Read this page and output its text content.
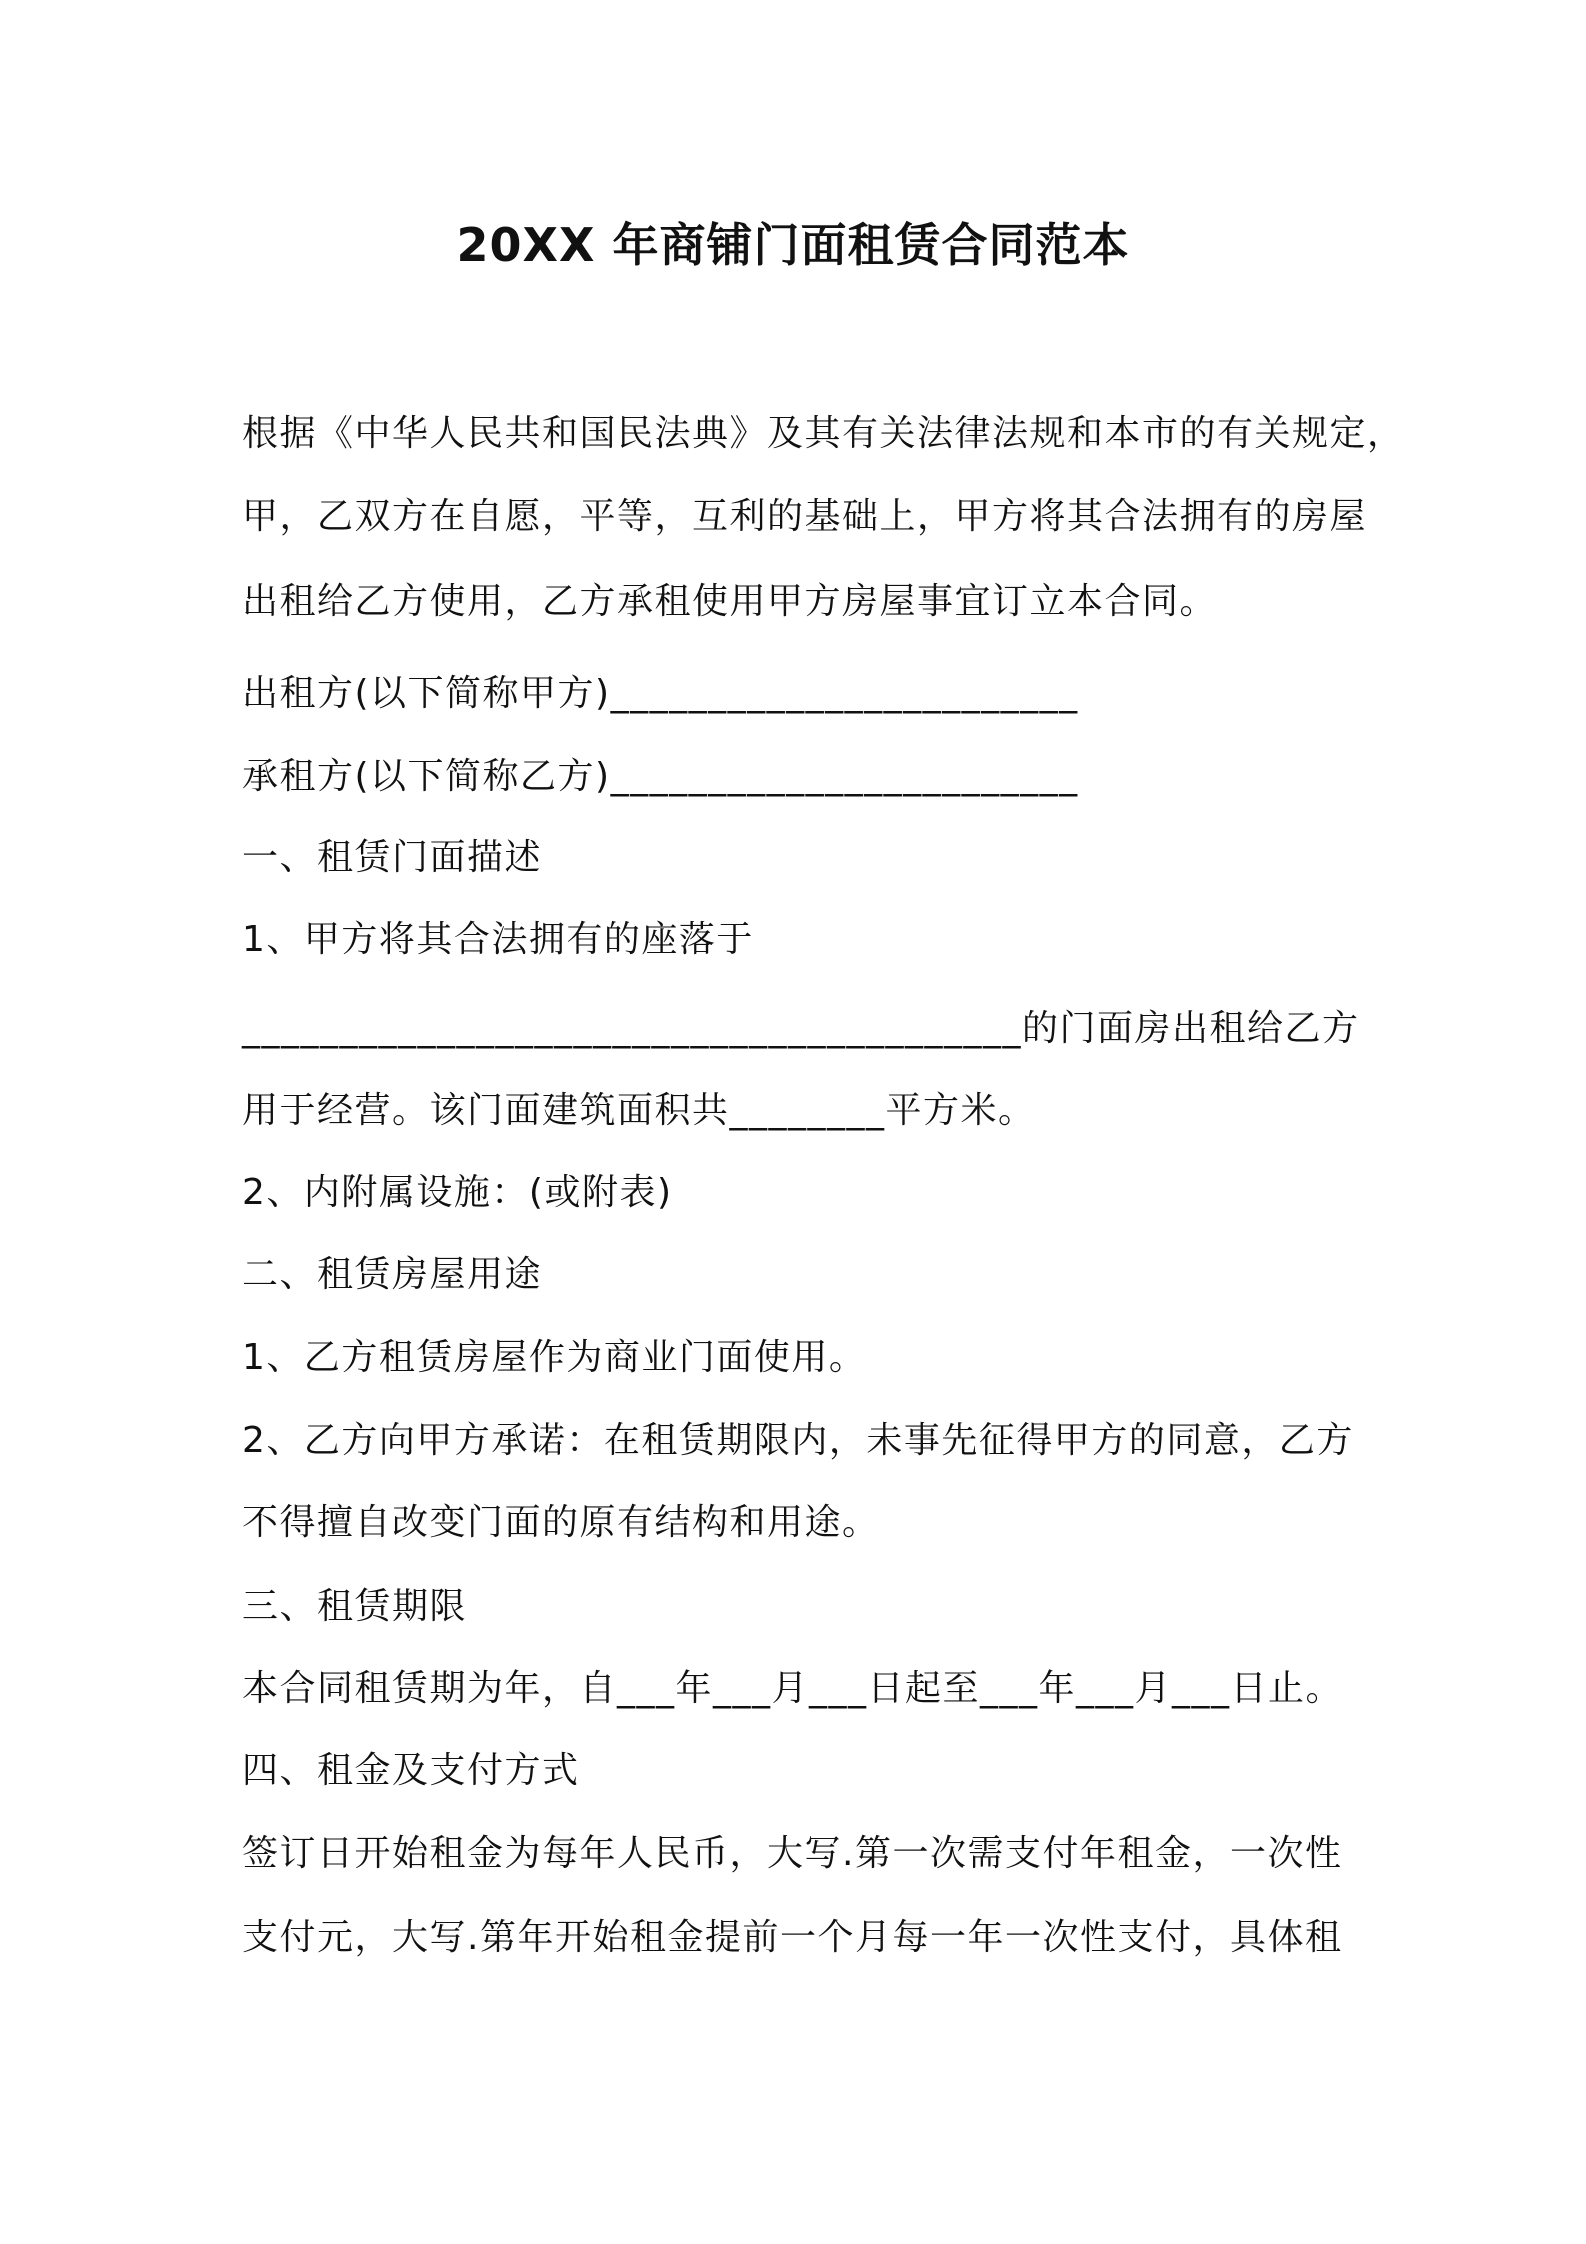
20XX 年商铺门面租赁合同范本

根据《中华人民共和国民法典》及其有关法律法规和本市的有关规定，

甲，乙双方在自愿，平等，互利的基础上，甲方将其合法拥有的房屋

出租给乙方使用，乙方承租使用甲方房屋事宜订立本合同。

出租方(以下简称甲方)________________________

承租方(以下简称乙方)________________________

一、租赁门面描述

1、甲方将其合法拥有的座落于

________________________________________的门面房出租给乙方

用于经营。该门面建筑面积共________平方米。

2、内附属设施：(或附表)

二、租赁房屋用途

1、乙方租赁房屋作为商业门面使用。

2、乙方向甲方承诺：在租赁期限内，未事先征得甲方的同意，乙方

不得擅自改变门面的原有结构和用途。

三、租赁期限

本合同租赁期为年，自___年___月___日起至___年___月___日止。

四、租金及支付方式

签订日开始租金为每年人民币，大写.第一次需支付年租金，一次性

支付元，大写.第年开始租金提前一个月每一年一次性支付，具体租
